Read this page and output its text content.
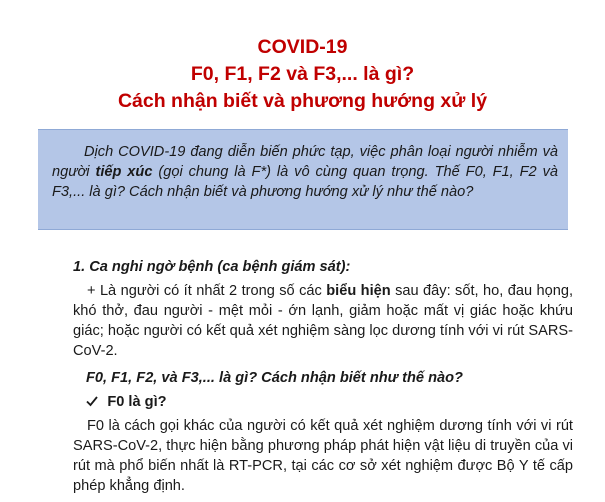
COVID-19
F0, F1, F2 và F3,... là gì?
Cách nhận biết và phương hướng xử lý

Dịch COVID-19 đang diễn biến phức tạp, việc phân loại người nhiễm và người tiếp xúc (gọi chung là F*) là vô cùng quan trọng. Thế F0, F1, F2 và F3,... là gì? Cách nhận biết và phương hướng xử lý như thế nào?

1. Ca nghi ngờ bệnh (ca bệnh giám sát):

+ Là người có ít nhất 2 trong số các biểu hiện sau đây: sốt, ho, đau họng, khó thở, đau người - mệt mỏi - ớn lạnh, giảm hoặc mất vị giác hoặc khứu giác; hoặc người có kết quả xét nghiệm sàng lọc dương tính với vi rút SARS-CoV-2.

F0, F1, F2, và F3,... là gì? Cách nhận biết như thế nào?
F0 là gì?

F0 là cách gọi khác của người có kết quả xét nghiệm dương tính với vi rút SARS-CoV-2, thực hiện bằng phương pháp phát hiện vật liệu di truyền của vi rút mà phổ biến nhất là RT-PCR, tại các cơ sở xét nghiệm được Bộ Y tế cấp phép khẳng định.
